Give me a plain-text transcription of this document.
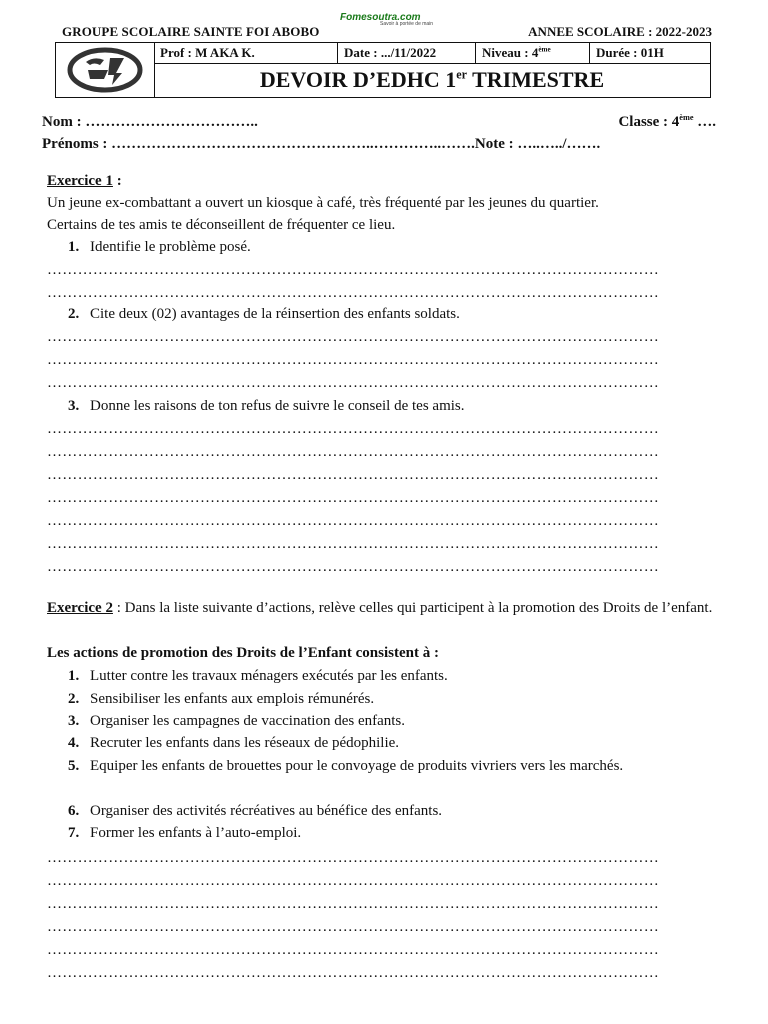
GROUPE SCOLAIRE SAINTE FOI ABOBO
Fomesoutra.com
Savoir à portée de main	ANNEE SCOLAIRE : 2022-2023
Prof : M AKA K.	Date : .../11/2022	Niveau : 4ème	Durée : 01H
DEVOIR D’EDHC 1er TRIMESTRE
Nom : ……………………………..	Classe : 4ème ….
Prénoms : ……………………………………………..…………..…….Note : …..…../…….
Exercice 1 :
Un jeune ex-combattant a ouvert un kiosque à café, très fréquenté par les jeunes du quartier.
Certains de tes amis te déconseillent de fréquenter ce lieu.
1. Identifie le problème posé.
…………………………………………………………………………………………………………
…………………………………………………………………………………………………………
2. Cite deux (02) avantages de la réinsertion des enfants soldats.
…………………………………………………………………………………………………………
…………………………………………………………………………………………………………
…………………………………………………………………………………………………………
3. Donne les raisons de ton refus de suivre le conseil de tes amis.
…………………………………………………………………………………………………………
…………………………………………………………………………………………………………
…………………………………………………………………………………………………………
…………………………………………………………………………………………………………
…………………………………………………………………………………………………………
…………………………………………………………………………………………………………
…………………………………………………………………………………………………………
Exercice 2 : Dans la liste suivante d’actions, relève celles qui participent à la promotion des Droits de l’enfant.
Les actions de promotion des Droits de l’Enfant consistent à :
1. Lutter contre les travaux ménagers exécutés par les enfants.
2. Sensibiliser les enfants aux emplois rémunérés.
3. Organiser les campagnes de vaccination des enfants.
4. Recruter les enfants dans les réseaux de pédophilie.
5. Equiper les enfants de brouettes pour le convoyage de produits vivriers vers les marchés.
6. Organiser des activités récréatives au bénéfice des enfants.
7. Former les enfants à l’auto-emploi.
…………………………………………………………………………………………………………
…………………………………………………………………………………………………………
…………………………………………………………………………………………………………
…………………………………………………………………………………………………………
…………………………………………………………………………………………………………
…………………………………………………………………………………………………………
